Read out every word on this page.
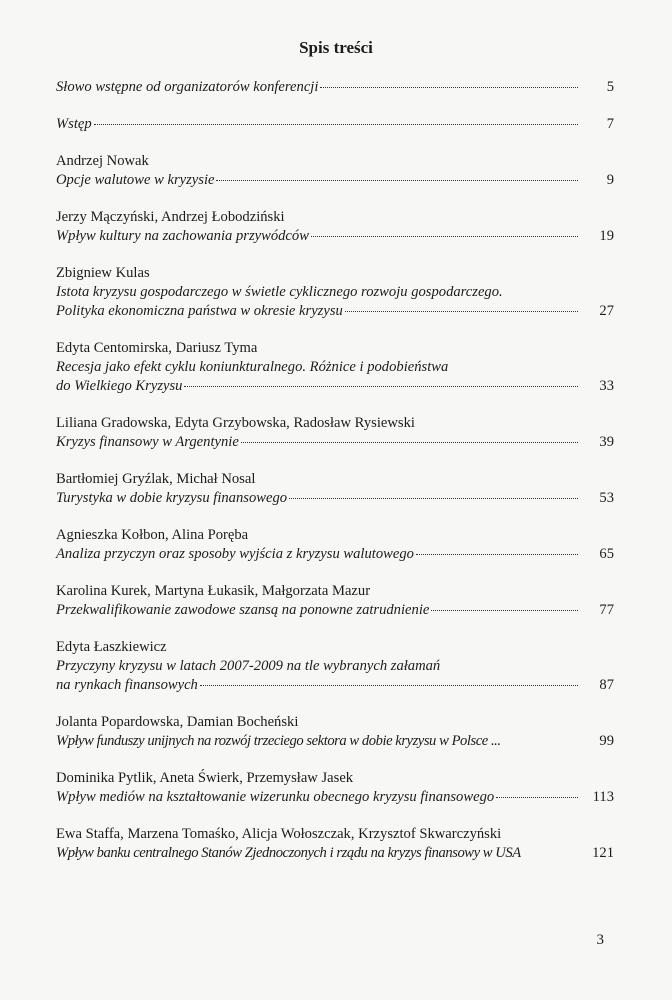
Spis treści
Słowo wstępne od organizatorów konferencji	5
Wstęp	7
Andrzej Nowak
Opcje walutowe w kryzysie	9
Jerzy Mączyński, Andrzej Łobodziński
Wpływ kultury na zachowania przywódców	19
Zbigniew Kulas
Istota kryzysu gospodarczego w świetle cyklicznego rozwoju gospodarczego.
Polityka ekonomiczna państwa w okresie kryzysu	27
Edyta Centomirska, Dariusz Tyma
Recesja jako efekt cyklu koniunkturalnego. Różnice i podobieństwa
do Wielkiego Kryzysu	33
Liliana Gradowska, Edyta Grzybowska, Radosław Rysiewski
Kryzys finansowy w Argentynie	39
Bartłomiej Gryźlak, Michał Nosal
Turystyka w dobie kryzysu finansowego	53
Agnieszka Kołbon, Alina Poręba
Analiza przyczyn oraz sposoby wyjścia z kryzysu walutowego	65
Karolina Kurek, Martyna Łukasik, Małgorzata Mazur
Przekwalifikowanie zawodowe szansą na ponowne zatrudnienie	77
Edyta Łaszkiewicz
Przyczyny kryzysu w latach 2007-2009 na tle wybranych załamań
na rynkach finansowych	87
Jolanta Popardowska, Damian Bocheński
Wpływ funduszy unijnych na rozwój trzeciego sektora w dobie kryzysu w Polsce ...	99
Dominika Pytlik, Aneta Świerk, Przemysław Jasek
Wpływ mediów na kształtowanie wizerunku obecnego kryzysu finansowego	113
Ewa Staffa, Marzena Tomaśko, Alicja Wołoszczak, Krzysztof Skwarczyński
Wpływ banku centralnego Stanów Zjednoczonych i rządu na kryzys finansowy w USA	121
3
